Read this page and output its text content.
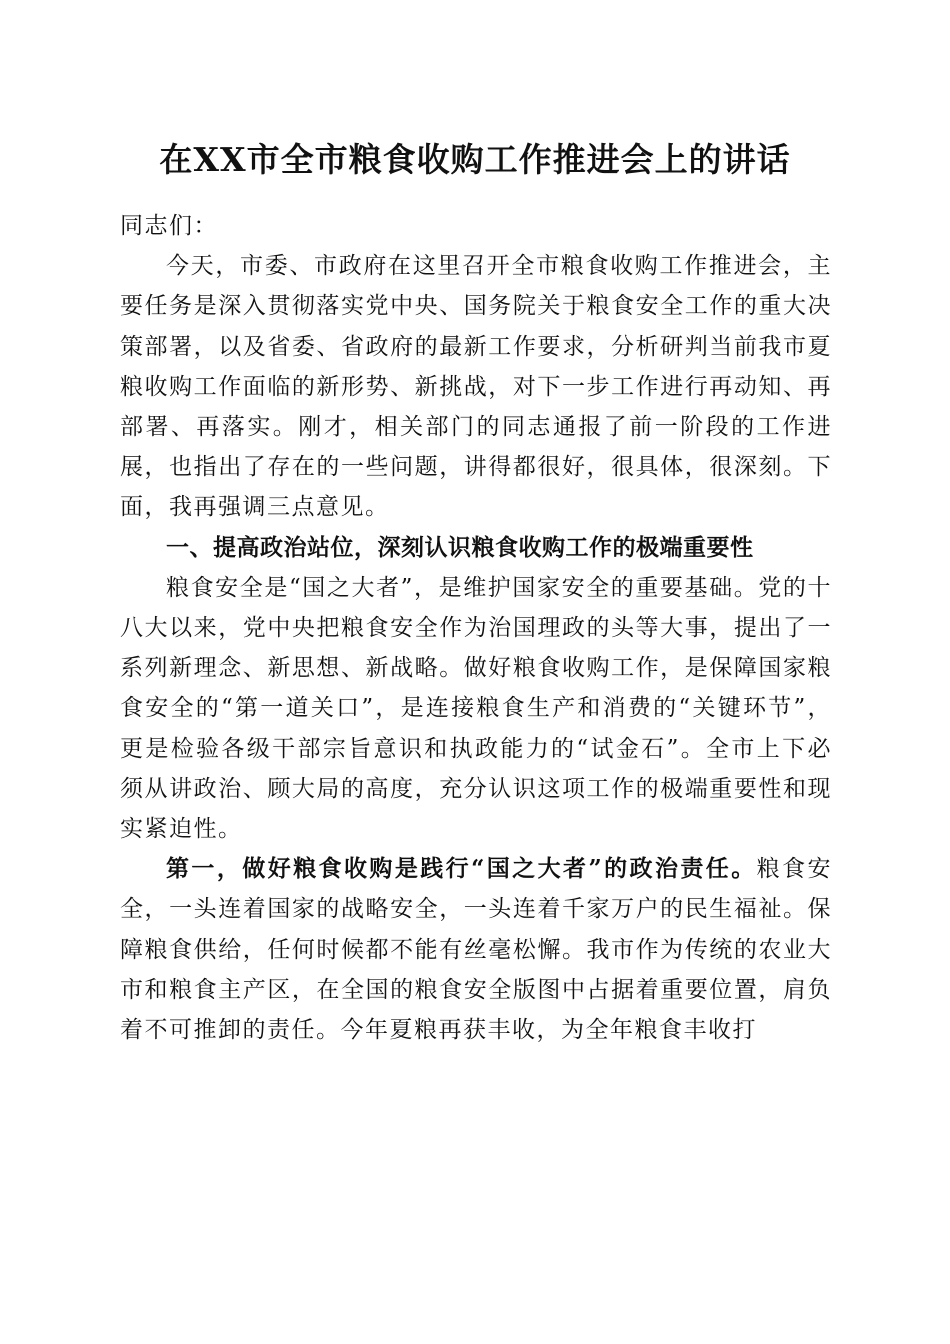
在XX市全市粮食收购工作推进会上的讲话

同志们：

今天，市委、市政府在这里召开全市粮食收购工作推进会，主要任务是深入贯彻落实党中央、国务院关于粮食安全工作的重大决策部署，以及省委、省政府的最新工作要求，分析研判当前我市夏粮收购工作面临的新形势、新挑战，对下一步工作进行再动知、再部署、再落实。刚才，相关部门的同志通报了前一阶段的工作进展，也指出了存在的一些问题，讲得都很好，很具体，很深刻。下面，我再强调三点意见。

一、提高政治站位，深刻认识粮食收购工作的极端重要性

粮食安全是“国之大者”，是维护国家安全的重要基础。党的十八大以来，党中央把粮食安全作为治国理政的头等大事，提出了一系列新理念、新思想、新战略。做好粮食收购工作，是保障国家粮食安全的“第一道关口”，是连接粮食生产和消费的“关键环节”，更是检验各级干部宗旨意识和执政能力的“试金石”。全市上下必须从讲政治、顾大局的高度，充分认识这项工作的极端重要性和现实紧迫性。

第一，做好粮食收购是践行“国之大者”的政治责任。粮食安全，一头连着国家的战略安全，一头连着千家万户的民生福祉。保障粮食供给，任何时候都不能有丝毫松懈。我市作为传统的农业大市和粮食主产区，在全国的粮食安全版图中占据着重要位置，肩负着不可推卸的责任。今年夏粮再获丰收，为全年粮食丰收打
